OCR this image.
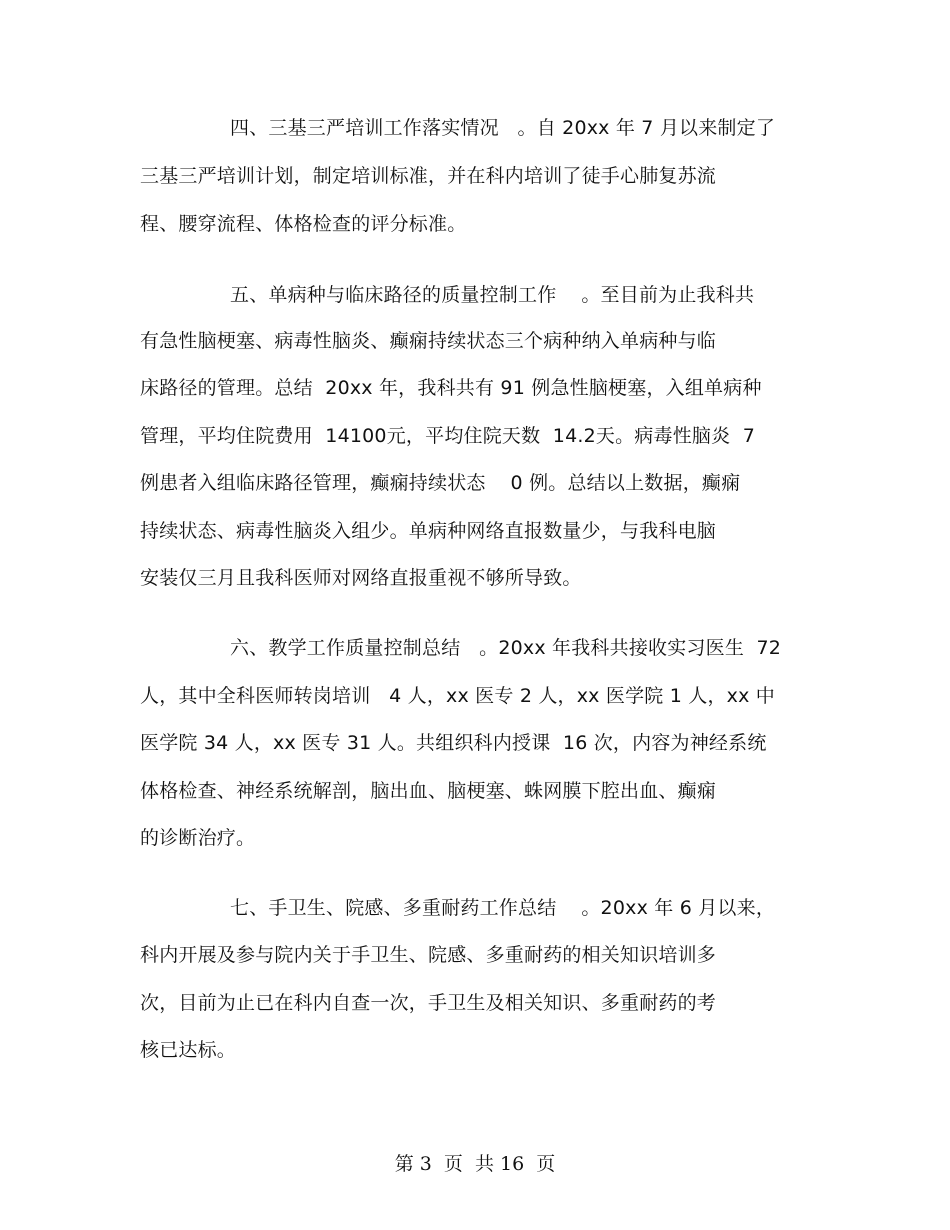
四、三基三严培训工作落实情况   。自 20xx 年 7 月以来制定了
三基三严培训计划，制定培训标准，并在科内培训了徒手心肺复苏流
程、腰穿流程、体格检查的评分标准。
五、单病种与临床路径的质量控制工作    。至目前为止我科共
有急性脑梗塞、病毒性脑炎、癫痫持续状态三个病种纳入单病种与临
床路径的管理。总结  20xx 年，我科共有 91 例急性脑梗塞，入组单病种
管理，平均住院费用  14100元，平均住院天数  14.2天。病毒性脑炎  7
例患者入组临床路径管理，癫痫持续状态    0 例。总结以上数据，癫痫
持续状态、病毒性脑炎入组少。单病种网络直报数量少，与我科电脑
安装仅三月且我科医师对网络直报重视不够所导致。
六、教学工作质量控制总结   。20xx 年我科共接收实习医生  72
人，其中全科医师转岗培训   4 人，xx 医专 2 人，xx 医学院 1 人，xx 中
医学院 34 人，xx 医专 31 人。共组织科内授课  16 次，内容为神经系统
体格检查、神经系统解剖，脑出血、脑梗塞、蛛网膜下腔出血、癫痫
的诊断治疗。
七、手卫生、院感、多重耐药工作总结    。20xx 年 6 月以来，
科内开展及参与院内关于手卫生、院感、多重耐药的相关知识培训多
次，目前为止已在科内自查一次，手卫生及相关知识、多重耐药的考
核已达标。
第 3  页  共 16  页
